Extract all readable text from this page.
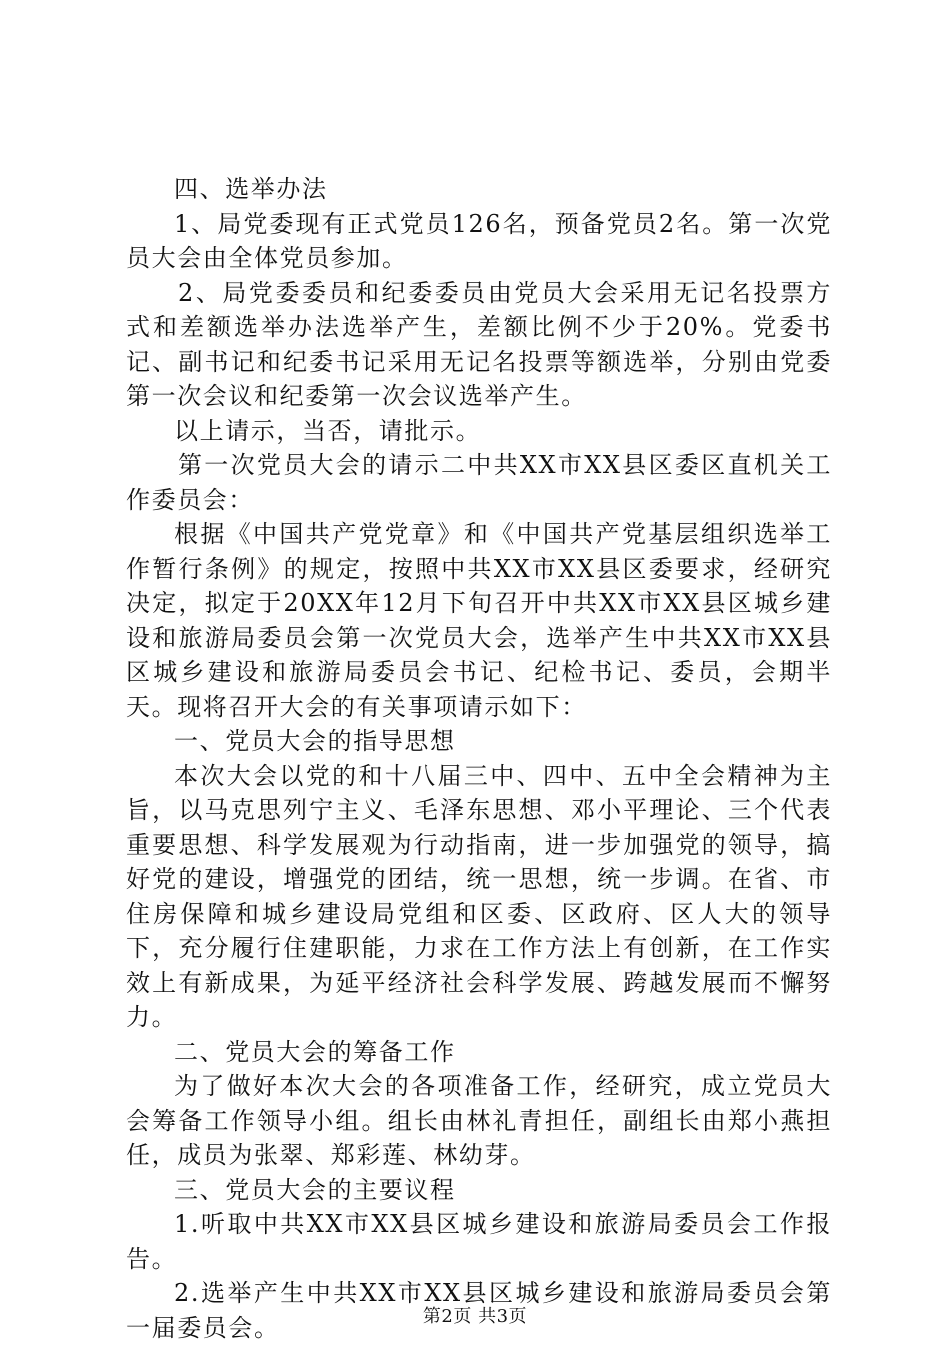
四、选举办法

1、局党委现有正式党员126名，预备党员2名。第一次党员大会由全体党员参加。

2、局党委委员和纪委委员由党员大会采用无记名投票方式和差额选举办法选举产生，差额比例不少于20%。党委书记、副书记和纪委书记采用无记名投票等额选举，分别由党委第一次会议和纪委第一次会议选举产生。

以上请示，当否，请批示。

第一次党员大会的请示二中共XX市XX县区委区直机关工作委员会：

根据《中国共产党党章》和《中国共产党基层组织选举工作暂行条例》的规定，按照中共XX市XX县区委要求，经研究决定，拟定于20XX年12月下旬召开中共XX市XX县区城乡建设和旅游局委员会第一次党员大会，选举产生中共XX市XX县区城乡建设和旅游局委员会书记、纪检书记、委员，会期半天。现将召开大会的有关事项请示如下：

一、党员大会的指导思想

本次大会以党的和十八届三中、四中、五中全会精神为主旨，以马克思列宁主义、毛泽东思想、邓小平理论、三个代表重要思想、科学发展观为行动指南，进一步加强党的领导，搞好党的建设，增强党的团结，统一思想，统一步调。在省、市住房保障和城乡建设局党组和区委、区政府、区人大的领导下，充分履行住建职能，力求在工作方法上有创新，在工作实效上有新成果，为延平经济社会科学发展、跨越发展而不懈努力。

二、党员大会的筹备工作

为了做好本次大会的各项准备工作，经研究，成立党员大会筹备工作领导小组。组长由林礼青担任，副组长由郑小燕担任，成员为张翠、郑彩莲、林幼芽。

三、党员大会的主要议程

1.听取中共XX市XX县区城乡建设和旅游局委员会工作报告。

2.选举产生中共XX市XX县区城乡建设和旅游局委员会第一届委员会。	第2页 共3页
